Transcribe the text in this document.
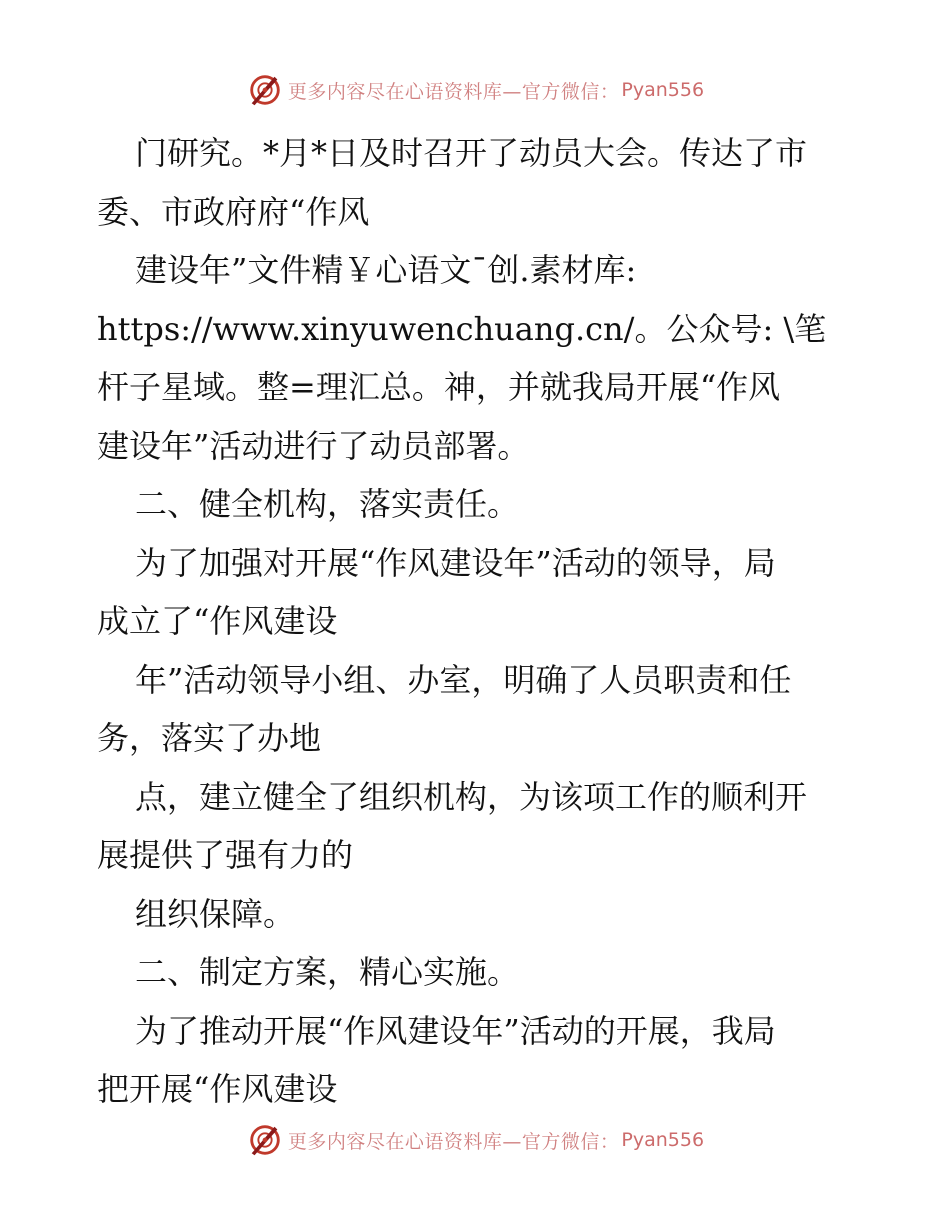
更多内容尽在心语资料库—官方微信： Pyan556
门研究。*月*日及时召开了动员大会。传达了市
委、市政府府“作风
建设年”文件精￥心语文¯创.素材库:
https://www.xinyuwenchuang.cn/。公众号: \笔
杆子星域。整=理汇总。神，并就我局开展“作风
建设年”活动进行了动员部署。
二、健全机构，落实责任。
为了加强对开展“作风建设年”活动的领导，局
成立了“作风建设
年”活动领导小组、办室，明确了人员职责和任
务，落实了办地
点，建立健全了组织机构，为该项工作的顺利开
展提供了强有力的
组织保障。
二、制定方案，精心实施。
为了推动开展“作风建设年”活动的开展，我局
把开展“作风建设
更多内容尽在心语资料库—官方微信： Pyan556
